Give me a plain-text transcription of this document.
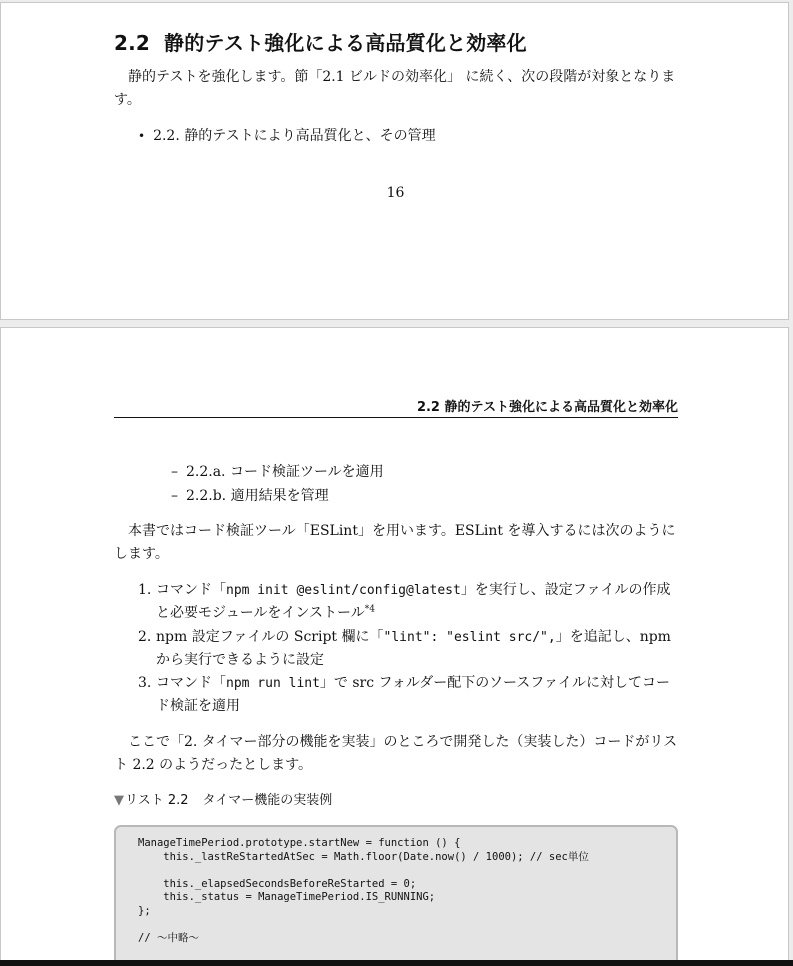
2.2 静的テスト強化による高品質化と効率化

静的テストを強化します。節「2.1 ビルドの効率化」 に続く、次の段階が対象となります。

• 2.2. 静的テストにより高品質化と、その管理

16
2.2 静的テスト強化による高品質化と効率化

– 2.2.a. コード検証ツールを適用

– 2.2.b. 適用結果を管理

本書ではコード検証ツール「ESLint」を用います。ESLint を導入するには次のようにします。

1. コマンド「npm init @eslint/config@latest」を実行し、設定ファイルの作成と必要モジュールをインストール$^{*4}$
2. npm 設定ファイルの Script 欄に「"lint": "eslint src/",」を追記し、npm から実行できるように設定
3. コマンド「npm run lint」で src フォルダー配下のソースファイルに対してコード検証を適用

ここで「2. タイマー部分の機能を実装」のところで開発した（実装した）コードがリスト 2.2 のようだったとします。

▼リスト 2.2 タイマー機能の実装例
ManageTimePeriod.prototype.startNew = function () {
this._lastReStartedAtSec = Math.floor(Date.now() / 1000); // sec単位

this._elapsedSecondsBeforeReStarted = 0;
this._status = ManageTimePeriod.IS_RUNNING;
};

// ～中略～
